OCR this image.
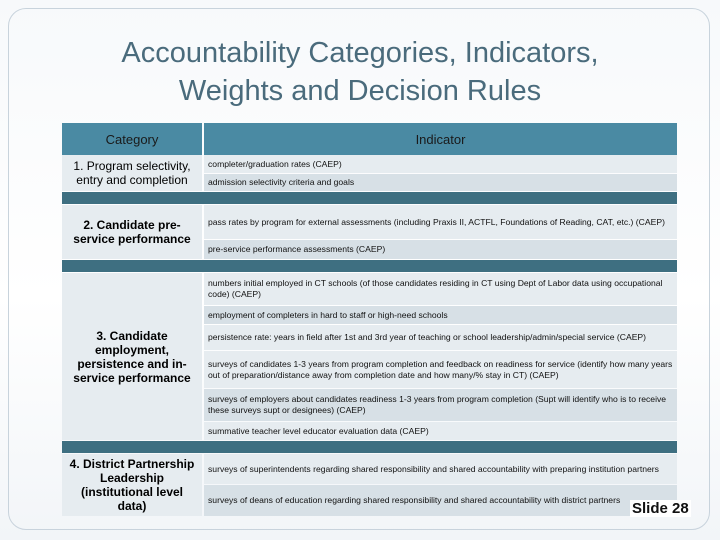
Accountability Categories, Indicators,
Weights and Decision Rules
Category	Indicator
1. Program selectivity, entry and completion
completer/graduation rates (CAEP)
admission selectivity criteria and goals
2. Candidate pre-service performance
pass rates by program for external assessments (including Praxis II, ACTFL, Foundations of Reading, CAT, etc.) (CAEP)
pre-service performance assessments (CAEP)
3. Candidate employment, persistence and in-service performance
numbers initial employed in CT schools (of those candidates residing in CT using Dept of Labor data using occupational code) (CAEP)
employment of completers in hard to staff or high-need schools
persistence rate: years in field after 1st and 3rd year of teaching or school leadership/admin/special service (CAEP)
surveys of candidates 1-3 years from program completion and feedback on readiness for service (identify how many years out of preparation/distance away from completion date and how many/% stay in CT) (CAEP)
surveys of employers about candidates readiness 1-3 years from program completion (Supt will identify who is to receive these surveys supt or designees) (CAEP)
summative teacher level educator evaluation data (CAEP)
4. District Partnership Leadership (institutional level data)
surveys of superintendents regarding shared responsibility and shared accountability with preparing institution partners
surveys of deans of education regarding shared responsibility and shared accountability with district partners Slide 28
